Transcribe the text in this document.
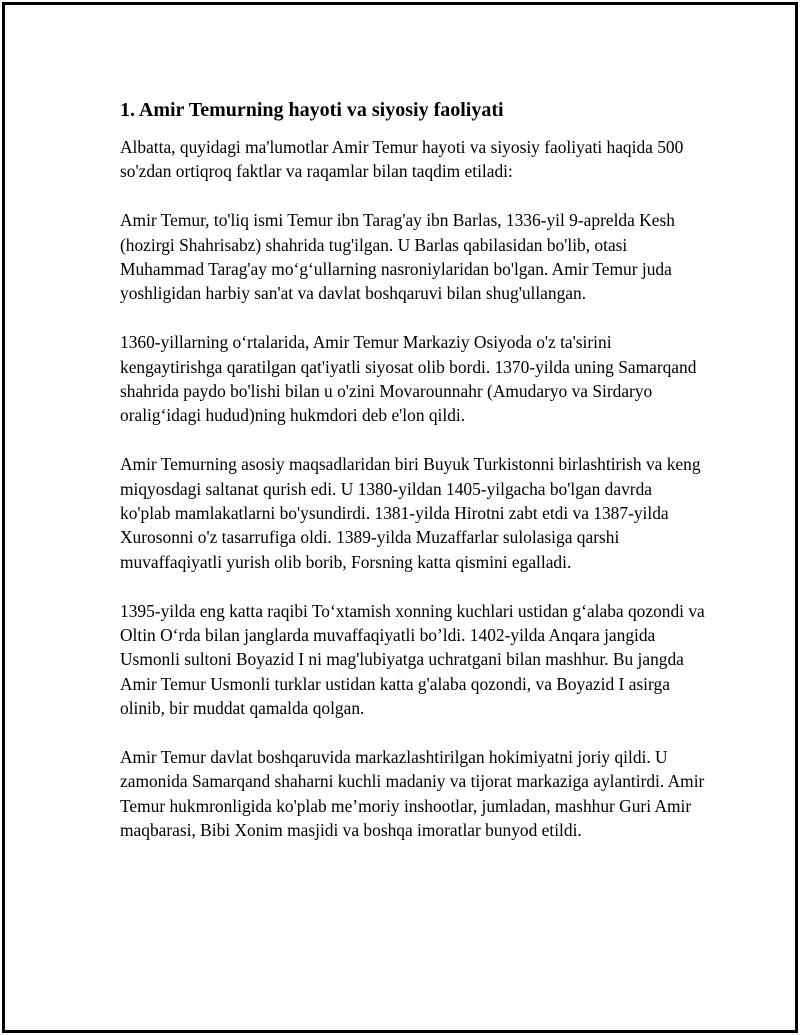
1. Amir Temurning hayoti va siyosiy faoliyati

Albatta, quyidagi ma'lumotlar Amir Temur hayoti va siyosiy faoliyati haqida 500 so'zdan ortiqroq faktlar va raqamlar bilan taqdim etiladi:

Amir Temur, to'liq ismi Temur ibn Tarag'ay ibn Barlas, 1336-yil 9-aprelda Kesh (hozirgi Shahrisabz) shahrida tug'ilgan. U Barlas qabilasidan bo'lib, otasi Muhammad Tarag'ay mo‘g‘ullarning nasroniylaridan bo'lgan. Amir Temur juda yoshligidan harbiy san'at va davlat boshqaruvi bilan shug'ullangan.

1360-yillarning o‘rtalarida, Amir Temur Markaziy Osiyoda o'z ta'sirini kengaytirishga qaratilgan qat'iyatli siyosat olib bordi. 1370-yilda uning Samarqand shahrida paydo bo'lishi bilan u o'zini Movarounnahr (Amudaryo va Sirdaryo oralig‘idagi hudud)ning hukmdori deb e'lon qildi.

Amir Temurning asosiy maqsadlaridan biri Buyuk Turkistonni birlashtirish va keng miqyosdagi saltanat qurish edi. U 1380-yildan 1405-yilgacha bo'lgan davrda ko'plab mamlakatlarni bo'ysundirdi. 1381-yilda Hirotni zabt etdi va 1387-yilda Xurosonni o'z tasarrufiga oldi. 1389-yilda Muzaffarlar sulolasiga qarshi muvaffaqiyatli yurish olib borib, Forsning katta qismini egalladi.

1395-yilda eng katta raqibi To‘xtamish xonning kuchlari ustidan g‘alaba qozondi va Oltin O‘rda bilan janglarda muvaffaqiyatli bo’ldi. 1402-yilda Anqara jangida Usmonli sultoni Boyazid I ni mag'lubiyatga uchratgani bilan mashhur. Bu jangda Amir Temur Usmonli turklar ustidan katta g'alaba qozondi, va Boyazid I asirga olinib, bir muddat qamalda qolgan.

Amir Temur davlat boshqaruvida markazlashtirilgan hokimiyatni joriy qildi. U zamonida Samarqand shaharni kuchli madaniy va tijorat markaziga aylantirdi. Amir Temur hukmronligida ko'plab me’moriy inshootlar, jumladan, mashhur Guri Amir maqbarasi, Bibi Xonim masjidi va boshqa imoratlar bunyod etildi.
